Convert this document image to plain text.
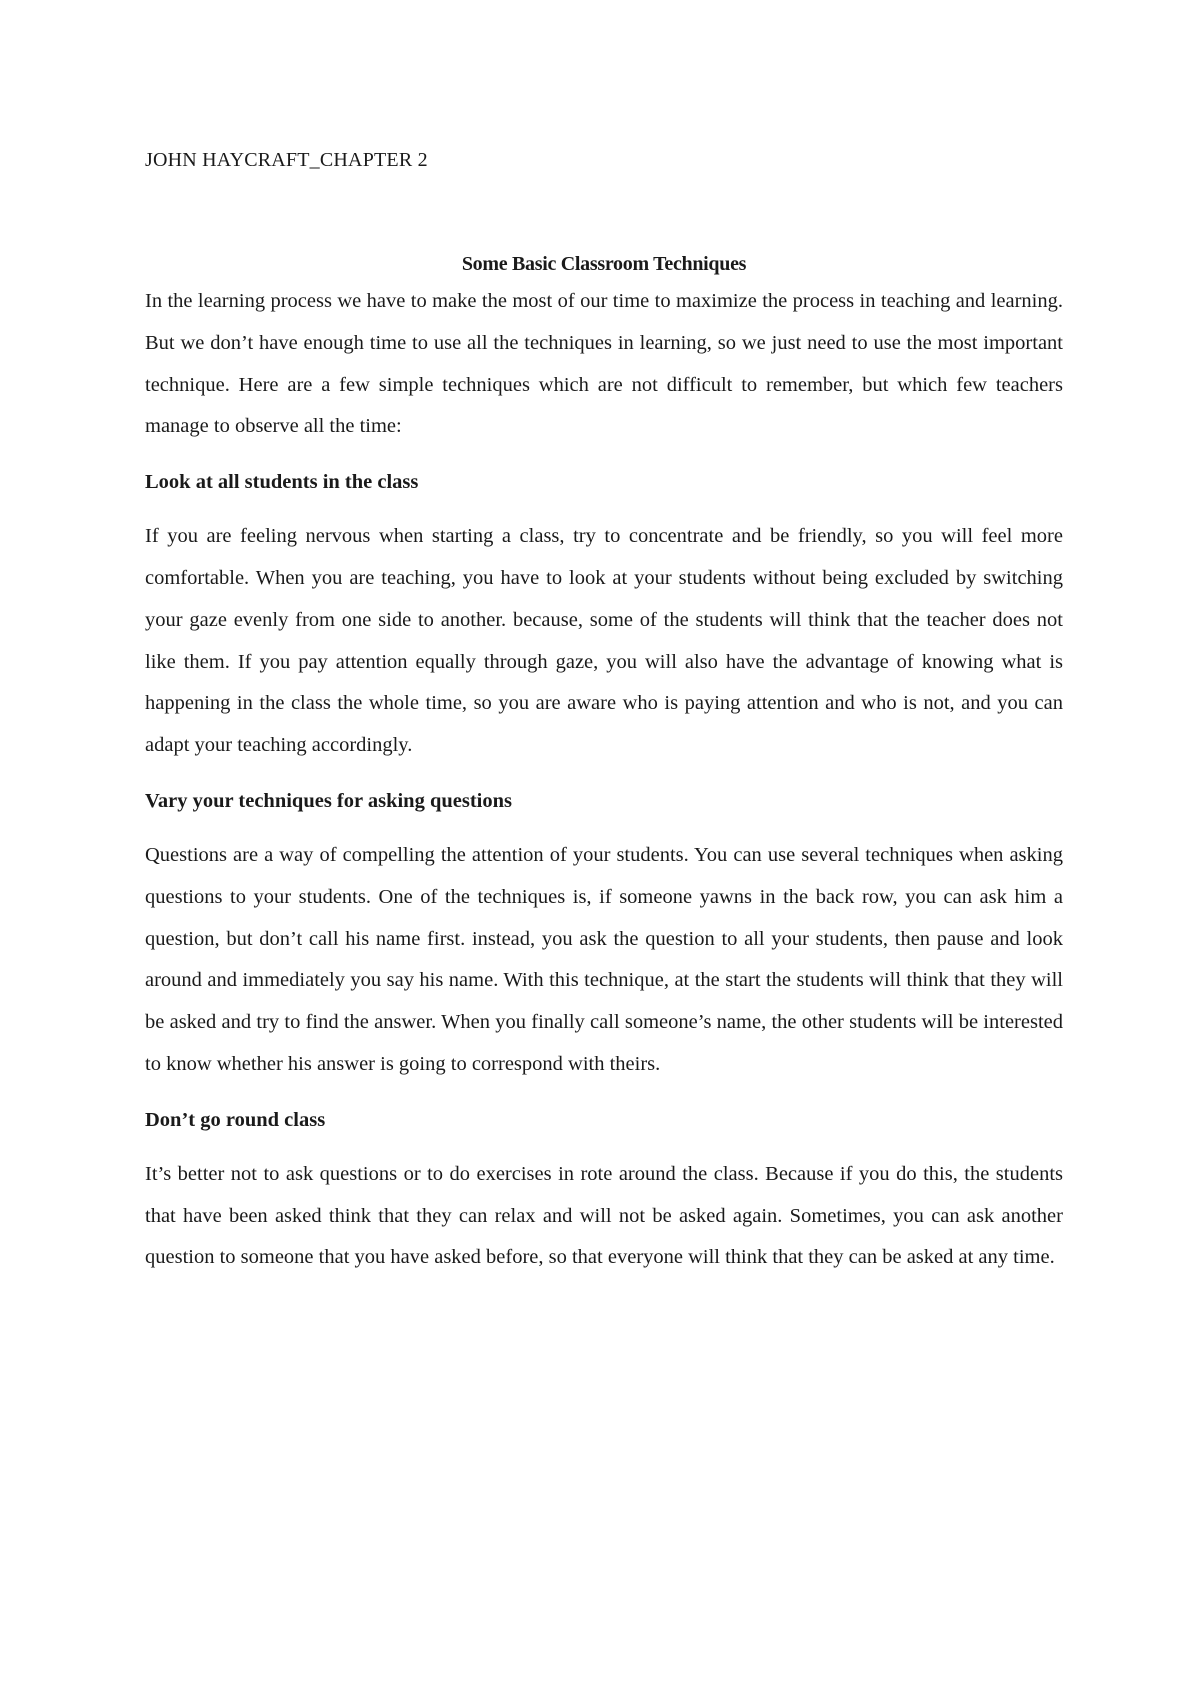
JOHN HAYCRAFT_CHAPTER 2

Some Basic Classroom Techniques

In the learning process we have to make the most of our time to maximize the process in teaching and learning. But we don’t have enough time to use all the techniques in learning, so we just need to use the most important technique. Here are a few simple techniques which are not difficult to remember, but which few teachers manage to observe all the time:

Look at all students in the class

If you are feeling nervous when starting a class, try to concentrate and be friendly, so you will feel more comfortable. When you are teaching, you have to look at your students without being excluded by switching your gaze evenly from one side to another. because, some of the students will think that the teacher does not like them. If you pay attention equally through gaze, you will also have the advantage of knowing what is happening in the class the whole time, so you are aware who is paying attention and who is not, and you can adapt your teaching accordingly.

Vary your techniques for asking questions

Questions are a way of compelling the attention of your students. You can use several techniques when asking questions to your students. One of the techniques is, if someone yawns in the back row, you can ask him a question, but don’t call his name first. instead, you ask the question to all your students, then pause and look around and immediately you say his name. With this technique, at the start the students will think that they will be asked and try to find the answer. When you finally call someone’s name, the other students will be interested to know whether his answer is going to correspond with theirs.

Don’t go round class

It’s better not to ask questions or to do exercises in rote around the class. Because if you do this, the students that have been asked think that they can relax and will not be asked again. Sometimes, you can ask another question to someone that you have asked before, so that everyone will think that they can be asked at any time.
